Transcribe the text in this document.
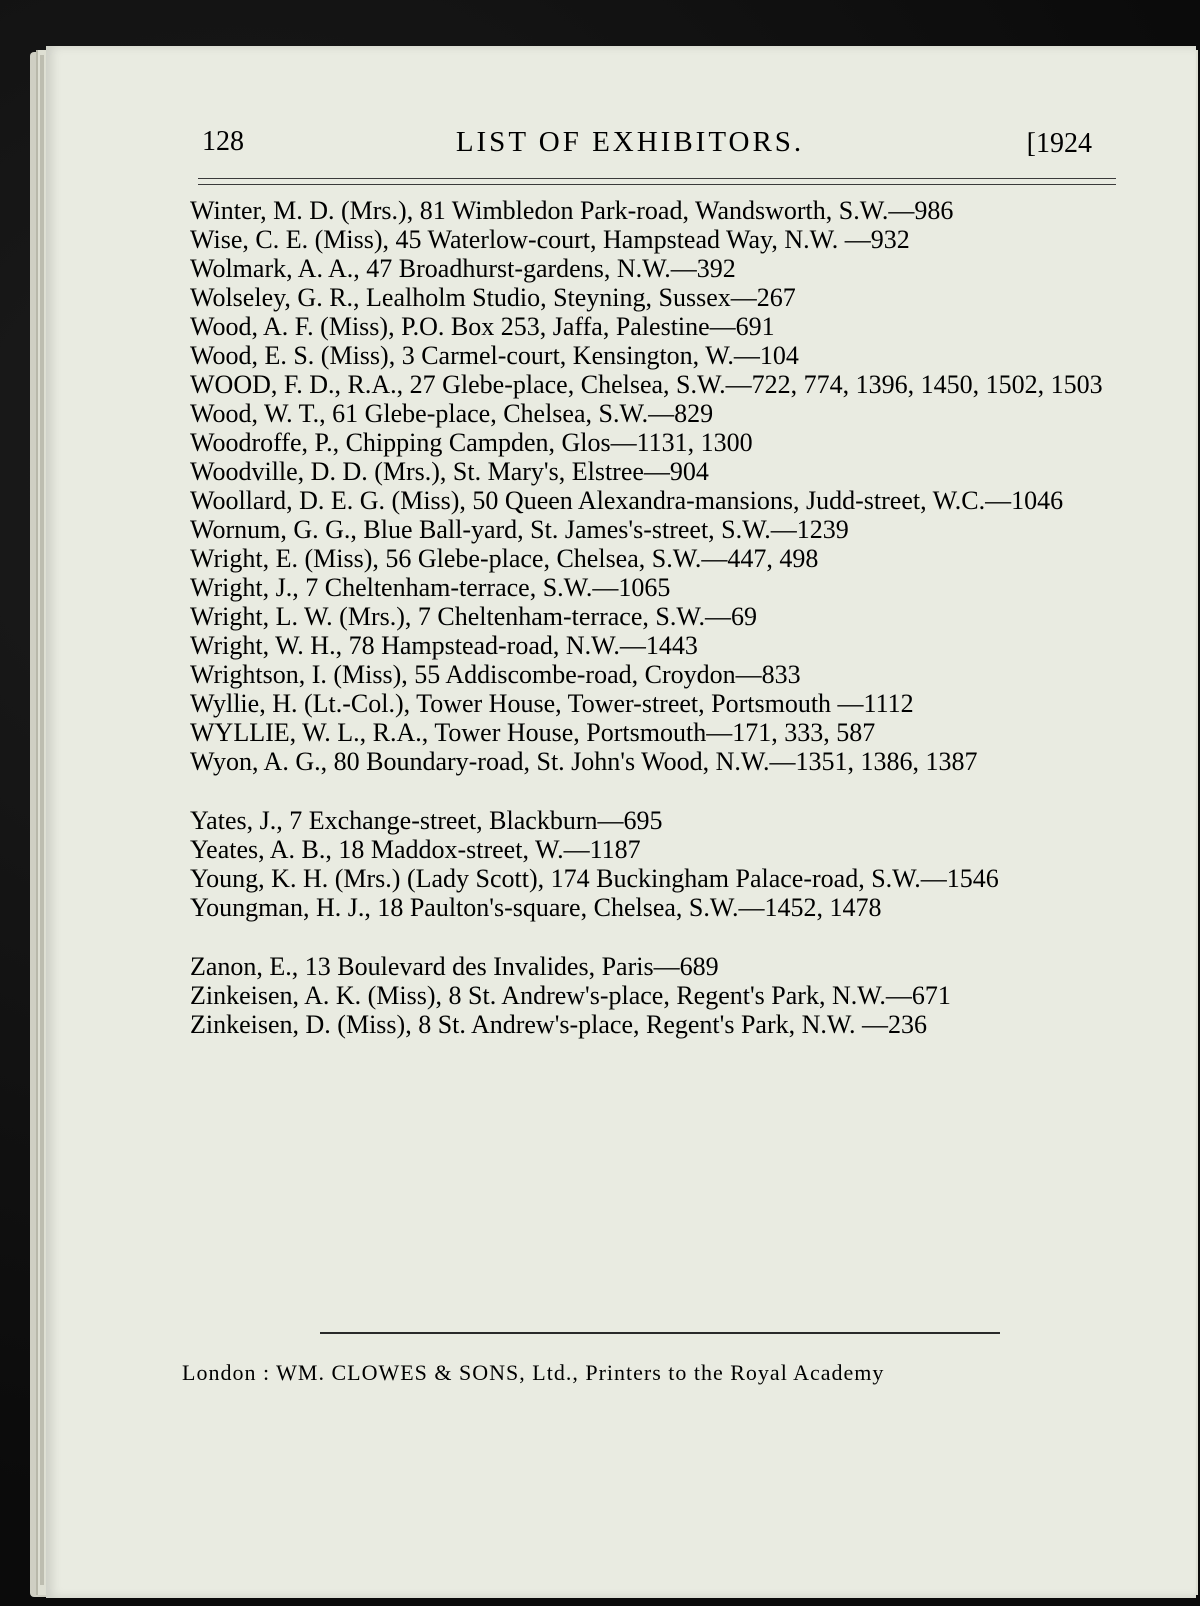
128	LIST OF EXHIBITORS.	[1924

Winter, M. D. (Mrs.), 81 Wimbledon Park-road, Wandsworth, S.W.—986

Wise, C. E. (Miss), 45 Waterlow-court, Hampstead Way, N.W. —932

Wolmark, A. A., 47 Broadhurst-gardens, N.W.—392

Wolseley, G. R., Lealholm Studio, Steyning, Sussex—267

Wood, A. F. (Miss), P.O. Box 253, Jaffa, Palestine—691

Wood, E. S. (Miss), 3 Carmel-court, Kensington, W.—104

WOOD, F. D., R.A., 27 Glebe-place, Chelsea, S.W.—722, 774, 1396, 1450, 1502, 1503

Wood, W. T., 61 Glebe-place, Chelsea, S.W.—829

Woodroffe, P., Chipping Campden, Glos—1131, 1300

Woodville, D. D. (Mrs.), St. Mary's, Elstree—904

Woollard, D. E. G. (Miss), 50 Queen Alexandra-mansions, Judd-street, W.C.—1046

Wornum, G. G., Blue Ball-yard, St. James's-street, S.W.—1239

Wright, E. (Miss), 56 Glebe-place, Chelsea, S.W.—447, 498

Wright, J., 7 Cheltenham-terrace, S.W.—1065

Wright, L. W. (Mrs.), 7 Cheltenham-terrace, S.W.—69

Wright, W. H., 78 Hampstead-road, N.W.—1443

Wrightson, I. (Miss), 55 Addiscombe-road, Croydon—833

Wyllie, H. (Lt.-Col.), Tower House, Tower-street, Portsmouth —1112

WYLLIE, W. L., R.A., Tower House, Portsmouth—171, 333, 587

Wyon, A. G., 80 Boundary-road, St. John's Wood, N.W.—1351, 1386, 1387

Yates, J., 7 Exchange-street, Blackburn—695

Yeates, A. B., 18 Maddox-street, W.—1187

Young, K. H. (Mrs.) (Lady Scott), 174 Buckingham Palace-road, S.W.—1546

Youngman, H. J., 18 Paulton's-square, Chelsea, S.W.—1452, 1478

Zanon, E., 13 Boulevard des Invalides, Paris—689

Zinkeisen, A. K. (Miss), 8 St. Andrew's-place, Regent's Park, N.W.—671

Zinkeisen, D. (Miss), 8 St. Andrew's-place, Regent's Park, N.W. —236

London : WM. CLOWES & SONS, Ltd., Printers to the Royal Academy
